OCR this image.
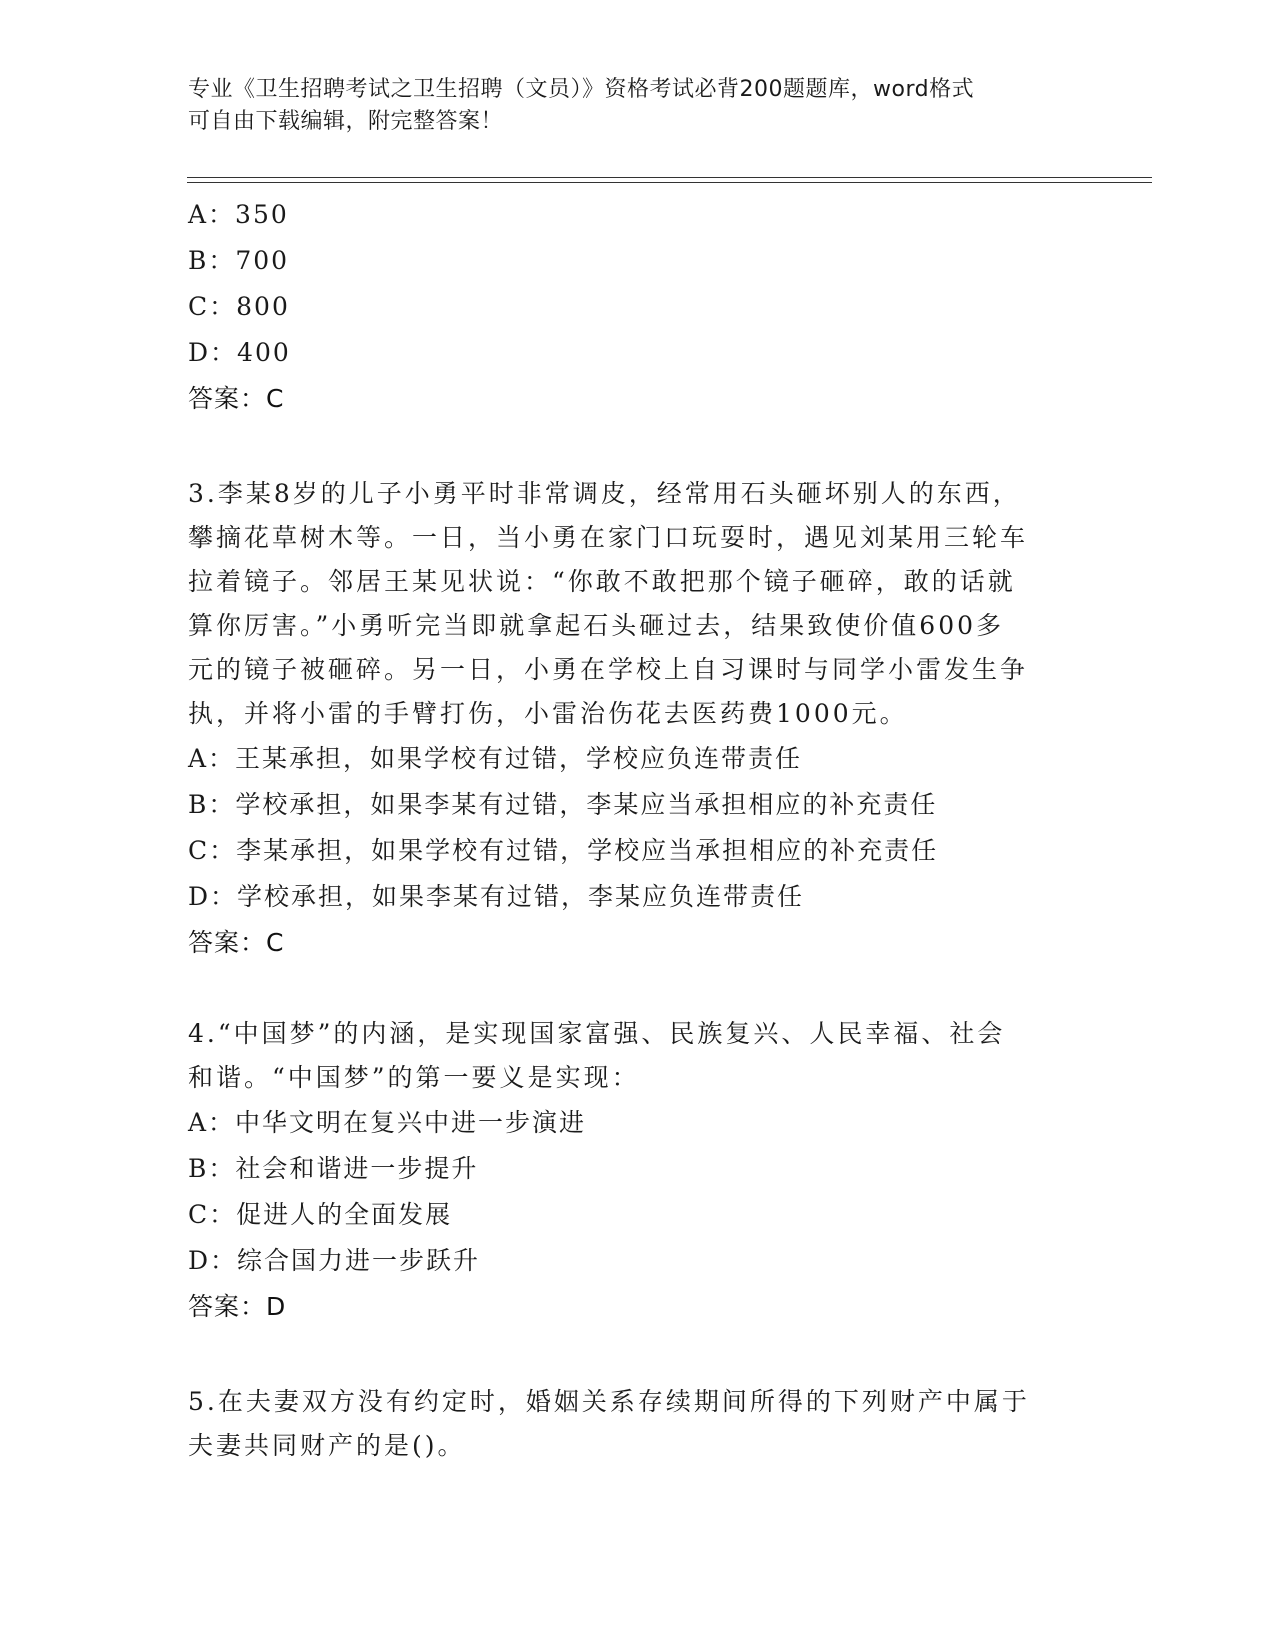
专业《卫生招聘考试之卫生招聘（文员）》资格考试必背200题题库，word格式
可自由下载编辑，附完整答案！
A：350
B：700
C：800
D：400
答案：C
3.李某8岁的儿子小勇平时非常调皮，经常用石头砸坏别人的东西，
攀摘花草树木等。一日，当小勇在家门口玩耍时，遇见刘某用三轮车
拉着镜子。邻居王某见状说：“你敢不敢把那个镜子砸碎，敢的话就
算你厉害。”小勇听完当即就拿起石头砸过去，结果致使价值600多
元的镜子被砸碎。另一日，小勇在学校上自习课时与同学小雷发生争
执，并将小雷的手臂打伤，小雷治伤花去医药费1000元。
A：王某承担，如果学校有过错，学校应负连带责任
B：学校承担，如果李某有过错，李某应当承担相应的补充责任
C：李某承担，如果学校有过错，学校应当承担相应的补充责任
D：学校承担，如果李某有过错，李某应负连带责任
答案：C
4.“中国梦”的内涵，是实现国家富强、民族复兴、人民幸福、社会
和谐。“中国梦”的第一要义是实现：
A：中华文明在复兴中进一步演进
B：社会和谐进一步提升
C：促进人的全面发展
D：综合国力进一步跃升
答案：D
5.在夫妻双方没有约定时，婚姻关系存续期间所得的下列财产中属于
夫妻共同财产的是()。
